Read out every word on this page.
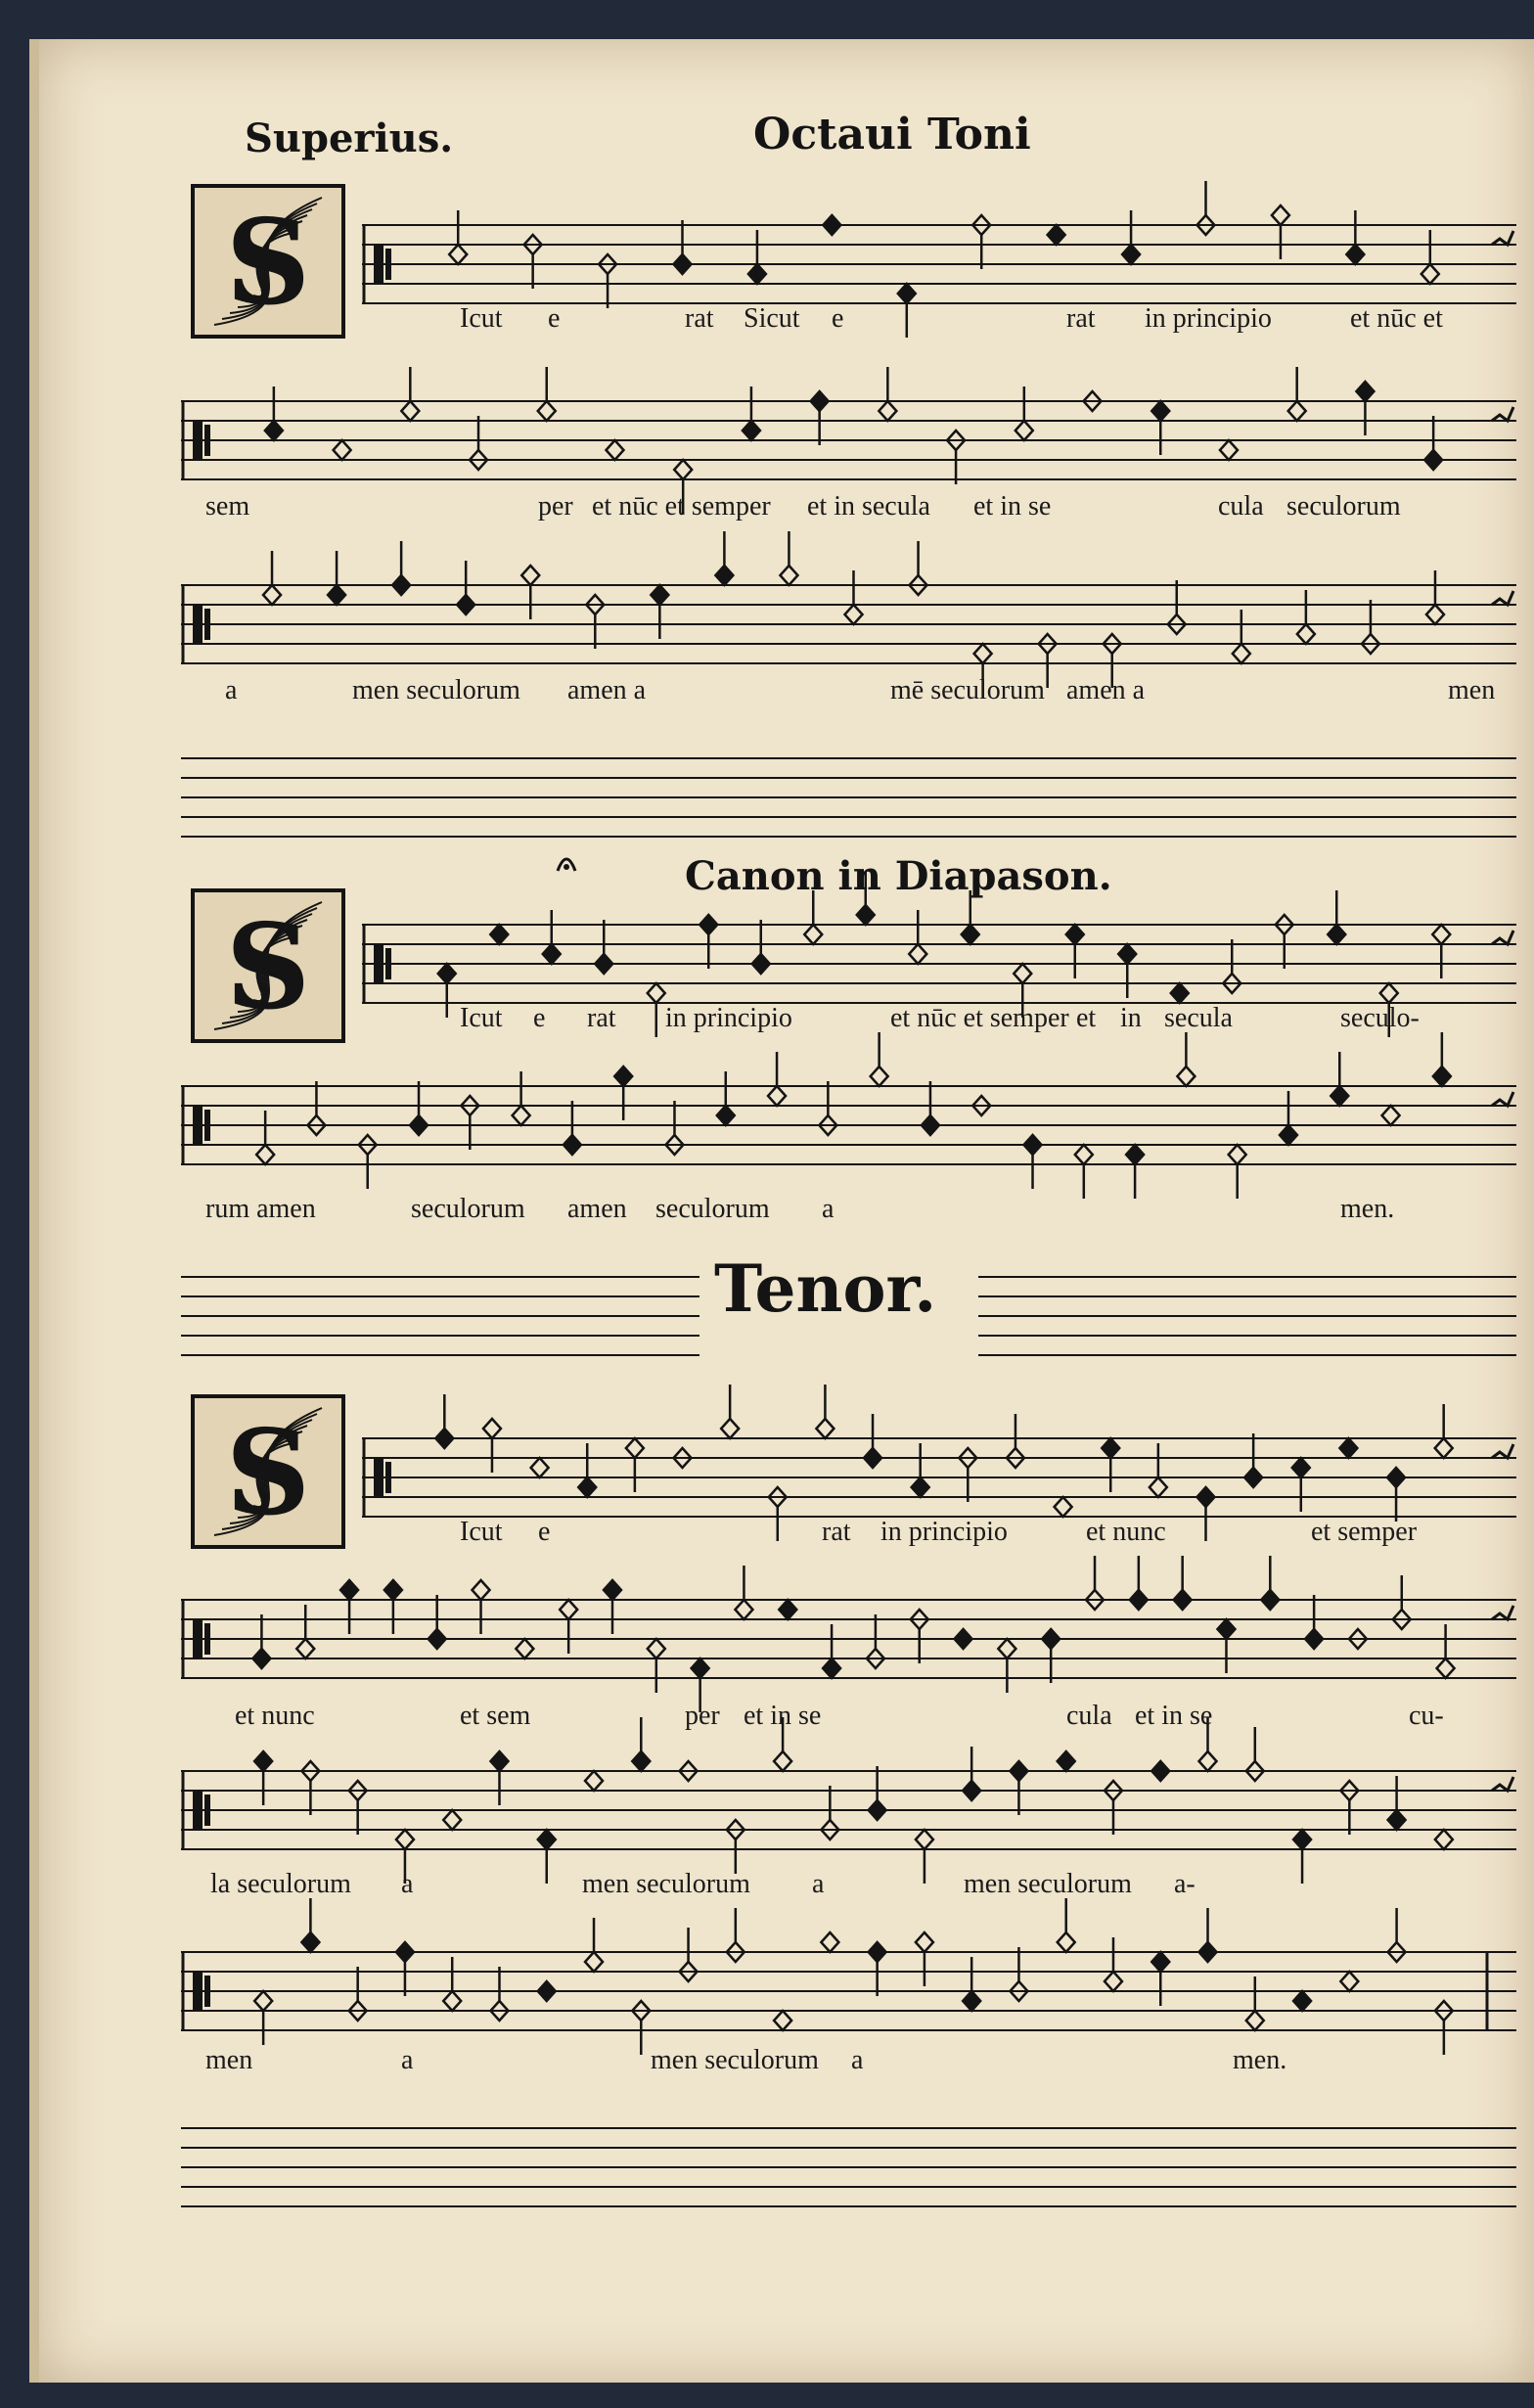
Superius.	Octaui Toni
S	Icut e	rat Sicut e	rat in principio	et nūc et
sem	per et nūc et semper et in secula et in se	cula seculorum
a	men seculorum amen a	mē seculorum amen a	men
Canon in Diapason.
S	Icut e rat in principio	et nūc et semper et in secula	seculo-
rum amen	seculorum amen seculorum a	men.
Tenor.
S	Icut e	rat in principio	et nunc	et semper
et nunc	et sem	per et in se	cula et in se	cu-
la seculorum a	men seculorum a	men seculorum a-
men	a	men seculorum a	men.
